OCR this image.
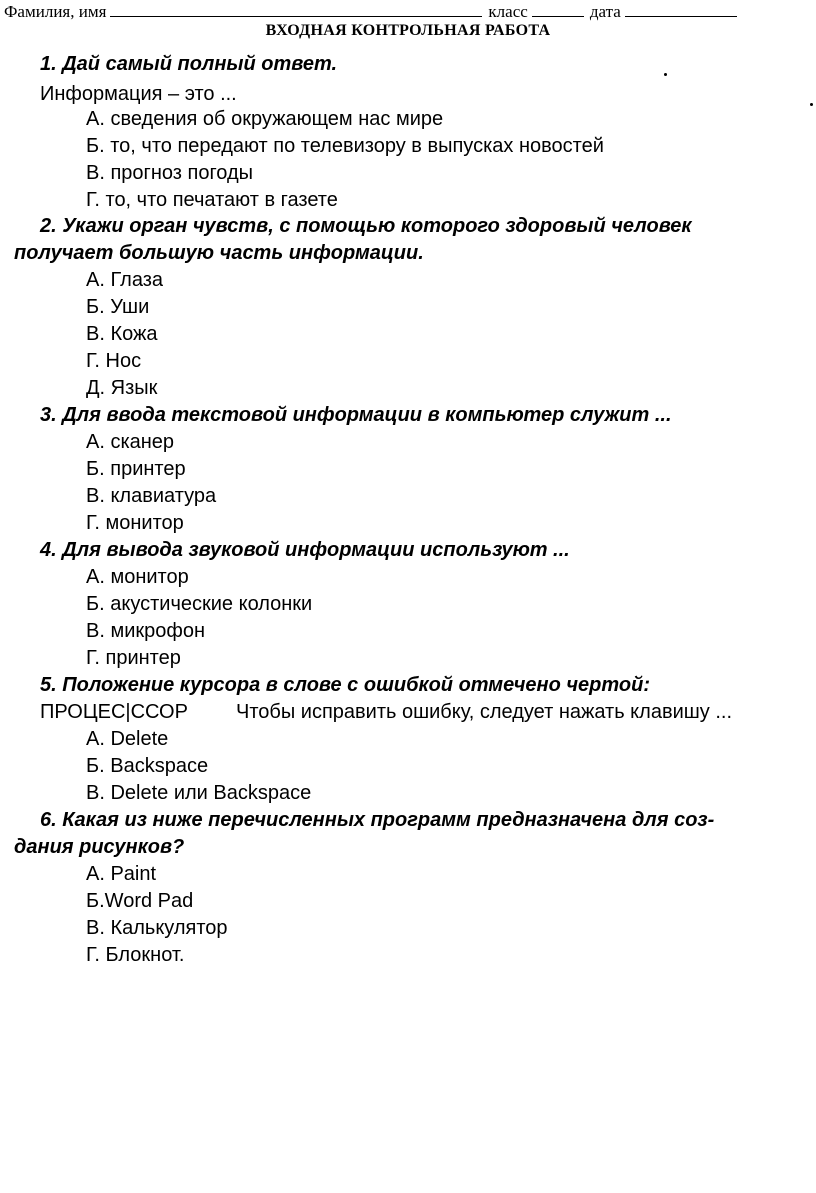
Фамилия, имя	класс	дата
ВХОДНАЯ КОНТРОЛЬНАЯ РАБОТА
1. Дай самый полный ответ.
Информация – это ...
А. сведения об окружающем нас мире
Б. то, что передают по телевизору в выпусках новостей
В. прогноз погоды
Г. то, что печатают в газете
2. Укажи орган чувств, с помощью которого здоровый человек
получает большую часть информации.
А. Глаза
Б. Уши
В. Кожа
Г. Нос
Д. Язык
3. Для ввода текстовой информации в компьютер служит ...
А. сканер
Б. принтер
В. клавиатура
Г. монитор
4. Для вывода звуковой информации используют ...
А. монитор
Б. акустические колонки
В. микрофон
Г. принтер
5. Положение курсора в слове с ошибкой отмечено чертой:
ПРОЦЕС|ССОР Чтобы исправить ошибку, следует нажать клавишу ...
А. Delete
Б. Backspace
В. Delete или Backspace
6. Какая из ниже перечисленных программ предназначена для соз-
дания рисунков?
А. Paint
Б.Word Pad
В. Калькулятор
Г. Блокнот.
